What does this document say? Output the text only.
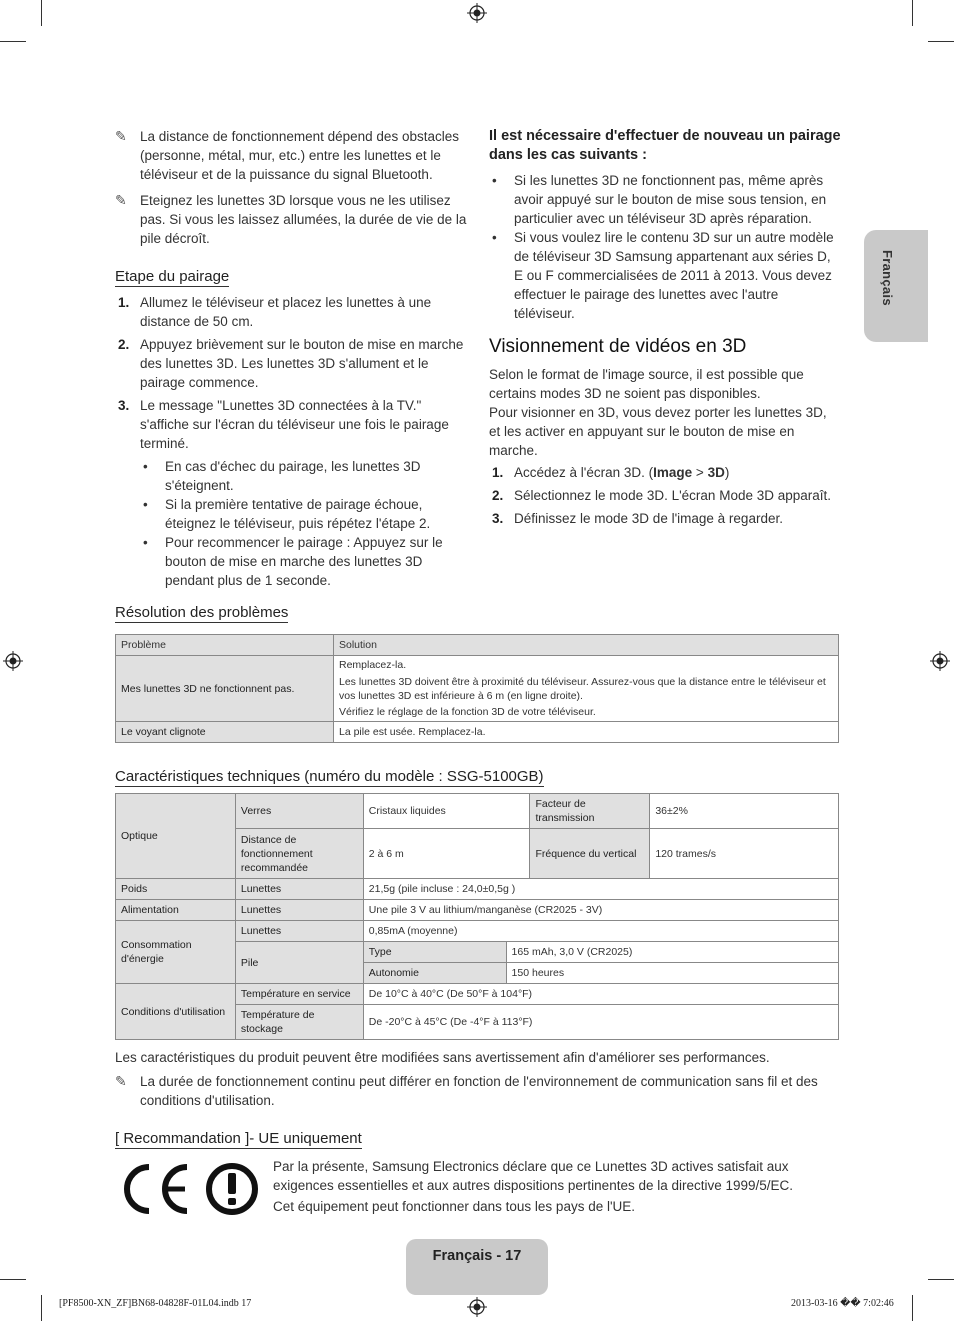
✎ La distance de fonctionnement dépend des obstacles (personne, métal, mur, etc.) entre les lunettes et le téléviseur et de la puissance du signal Bluetooth.
✎ Eteignez les lunettes 3D lorsque vous ne les utilisez pas. Si vous les laissez allumées, la durée de vie de la pile décroît.
Etape du pairage
1. Allumez le téléviseur et placez les lunettes à une distance de 50 cm.
2. Appuyez brièvement sur le bouton de mise en marche des lunettes 3D. Les lunettes 3D s'allument et le pairage commence.
3. Le message "Lunettes 3D connectées à la TV." s'affiche sur l'écran du téléviseur une fois le pairage terminé.
• En cas d'échec du pairage, les lunettes 3D s'éteignent.
• Si la première tentative de pairage échoue, éteignez le téléviseur, puis répétez l'étape 2.
• Pour recommencer le pairage : Appuyez sur le bouton de mise en marche des lunettes 3D pendant plus de 1 seconde.
Il est nécessaire d'effectuer de nouveau un pairage dans les cas suivants :
• Si les lunettes 3D ne fonctionnent pas, même après avoir appuyé sur le bouton de mise sous tension, en particulier avec un téléviseur 3D après réparation.
• Si vous voulez lire le contenu 3D sur un autre modèle de téléviseur 3D Samsung appartenant aux séries D, E ou F commercialisées de 2011 à 2013. Vous devez effectuer le pairage des lunettes avec l'autre téléviseur.
Visionnement de vidéos en 3D
Selon le format de l'image source, il est possible que certains modes 3D ne soient pas disponibles.
Pour visionner en 3D, vous devez porter les lunettes 3D, et les activer en appuyant sur le bouton de mise en marche.
1. Accédez à l'écran 3D. (Image > 3D)
2. Sélectionnez le mode 3D. L'écran Mode 3D apparaît.
3. Définissez le mode 3D de l'image à regarder.
Français
Résolution des problèmes
Problème	Solution
Mes lunettes 3D ne fonctionnent pas.	Remplacez-la.
Les lunettes 3D doivent être à proximité du téléviseur. Assurez-vous que la distance entre le téléviseur et vos lunettes 3D est inférieure à 6 m (en ligne droite).
Vérifiez le réglage de la fonction 3D de votre téléviseur.

Le voyant clignote	La pile est usée. Remplacez-la.
Caractéristiques techniques (numéro du modèle : SSG-5100GB)
Optique	Verres	Cristaux liquides		Facteur de transmission	36±2%
	Distance de fonctionnement recommandée	2 à 6 m		Fréquence du vertical	120 trames/s
Poids	Lunettes	21,5g (pile incluse : 24,0±0,5g )			
Alimentation	Lunettes	Une pile 3 V au lithium/manganèse (CR2025 - 3V)			
Consommation d'énergie	Lunettes	0,85mA (moyenne)			
	Pile	Type	165 mAh, 3,0 V (CR2025)		
		Autonomie	150 heures		
Conditions d'utilisation	Température en service	De 10°C à 40°C (De 50°F à 104°F)			
	Température de stockage	De -20°C à 45°C (De -4°F à 113°F)			
Les caractéristiques du produit peuvent être modifiées sans avertissement afin d'améliorer ses performances.
✎ La durée de fonctionnement continu peut différer en fonction de l'environnement de communication sans fil et des conditions d'utilisation.
[ Recommandation ]- UE uniquement
Par la présente, Samsung Electronics déclare que ce Lunettes 3D actives satisfait aux exigences essentielles et aux autres dispositions pertinentes de la directive 1999/5/EC.
Cet équipement peut fonctionner dans tous les pays de l'UE.
Français - 17
[PF8500-XN_ZF]BN68-04828F-01L04.indb 17	2013-03-16 �� 7:02:46
